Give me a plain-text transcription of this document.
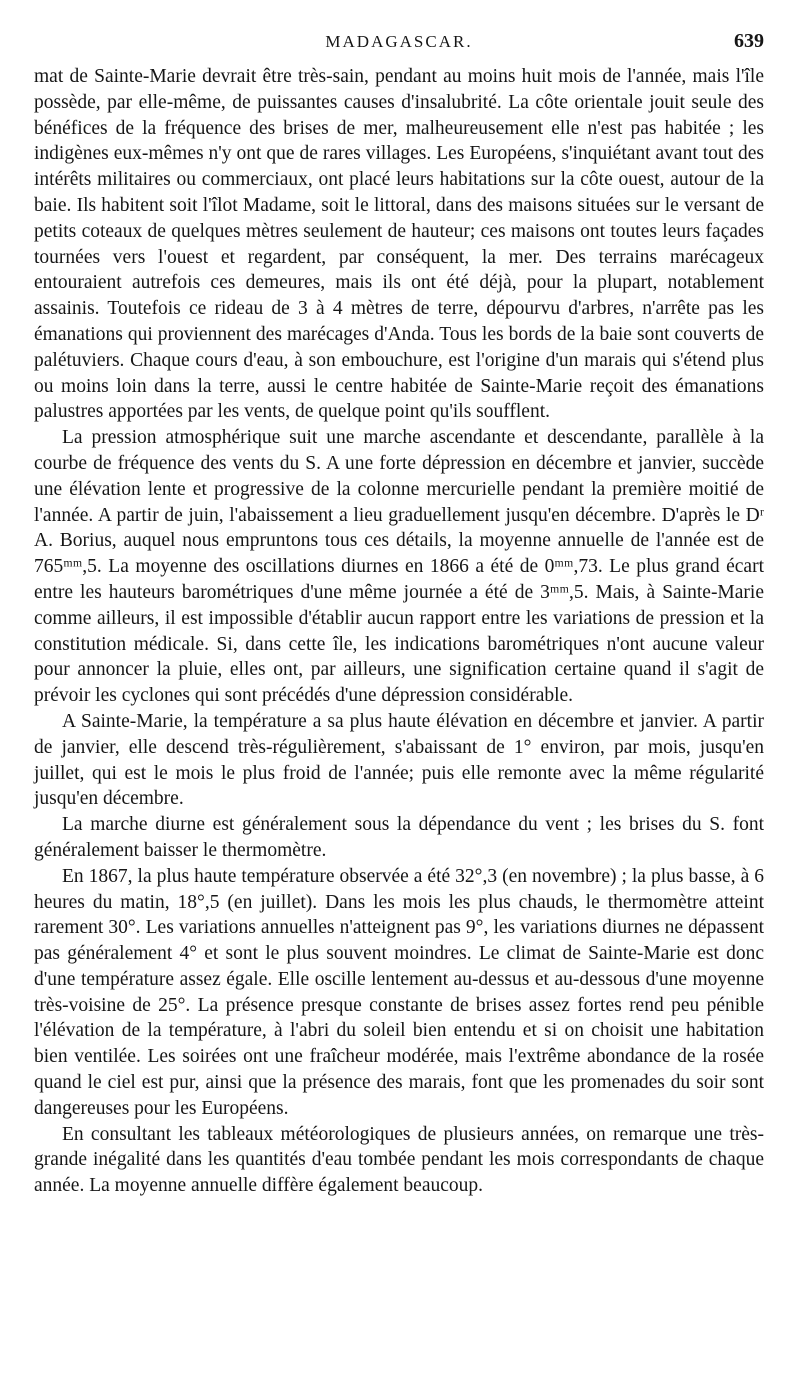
MADAGASCAR.	639

mat de Sainte-Marie devrait être très-sain, pendant au moins huit mois de l'année, mais l'île possède, par elle-même, de puissantes causes d'insalubrité. La côte orientale jouit seule des bénéfices de la fréquence des brises de mer, malheureusement elle n'est pas habitée ; les indigènes eux-mêmes n'y ont que de rares villages. Les Européens, s'inquiétant avant tout des intérêts militaires ou commerciaux, ont placé leurs habitations sur la côte ouest, autour de la baie. Ils habitent soit l'îlot Madame, soit le littoral, dans des maisons situées sur le versant de petits coteaux de quelques mètres seulement de hauteur; ces maisons ont toutes leurs façades tournées vers l'ouest et regardent, par conséquent, la mer. Des terrains marécageux entouraient autrefois ces demeures, mais ils ont été déjà, pour la plupart, notablement assainis. Toutefois ce rideau de 3 à 4 mètres de terre, dépourvu d'arbres, n'arrête pas les émanations qui proviennent des marécages d'Anda. Tous les bords de la baie sont couverts de palétuviers. Chaque cours d'eau, à son embouchure, est l'origine d'un marais qui s'étend plus ou moins loin dans la terre, aussi le centre habitée de Sainte-Marie reçoit des émanations palustres apportées par les vents, de quelque point qu'ils soufflent.

La pression atmosphérique suit une marche ascendante et descendante, parallèle à la courbe de fréquence des vents du S. A une forte dépression en décembre et janvier, succède une élévation lente et progressive de la colonne mercurielle pendant la première moitié de l'année. A partir de juin, l'abaissement a lieu graduellement jusqu'en décembre. D'après le Dʳ A. Borius, auquel nous empruntons tous ces détails, la moyenne annuelle de l'année est de 765ᵐᵐ,5. La moyenne des oscillations diurnes en 1866 a été de 0ᵐᵐ,73. Le plus grand écart entre les hauteurs barométriques d'une même journée a été de 3ᵐᵐ,5. Mais, à Sainte-Marie comme ailleurs, il est impossible d'établir aucun rapport entre les variations de pression et la constitution médicale. Si, dans cette île, les indications barométriques n'ont aucune valeur pour annoncer la pluie, elles ont, par ailleurs, une signification certaine quand il s'agit de prévoir les cyclones qui sont précédés d'une dépression considérable.

A Sainte-Marie, la température a sa plus haute élévation en décembre et janvier. A partir de janvier, elle descend très-régulièrement, s'abaissant de 1° environ, par mois, jusqu'en juillet, qui est le mois le plus froid de l'année; puis elle remonte avec la même régularité jusqu'en décembre.

La marche diurne est généralement sous la dépendance du vent ; les brises du S. font généralement baisser le thermomètre.

En 1867, la plus haute température observée a été 32°,3 (en novembre) ; la plus basse, à 6 heures du matin, 18°,5 (en juillet). Dans les mois les plus chauds, le thermomètre atteint rarement 30°. Les variations annuelles n'atteignent pas 9°, les variations diurnes ne dépassent pas généralement 4° et sont le plus souvent moindres. Le climat de Sainte-Marie est donc d'une température assez égale. Elle oscille lentement au-dessus et au-dessous d'une moyenne très-voisine de 25°. La présence presque constante de brises assez fortes rend peu pénible l'élévation de la température, à l'abri du soleil bien entendu et si on choisit une habitation bien ventilée. Les soirées ont une fraîcheur modérée, mais l'extrême abondance de la rosée quand le ciel est pur, ainsi que la présence des marais, font que les promenades du soir sont dangereuses pour les Européens.

En consultant les tableaux météorologiques de plusieurs années, on remarque une très-grande inégalité dans les quantités d'eau tombée pendant les mois correspondants de chaque année. La moyenne annuelle diffère également beaucoup.
